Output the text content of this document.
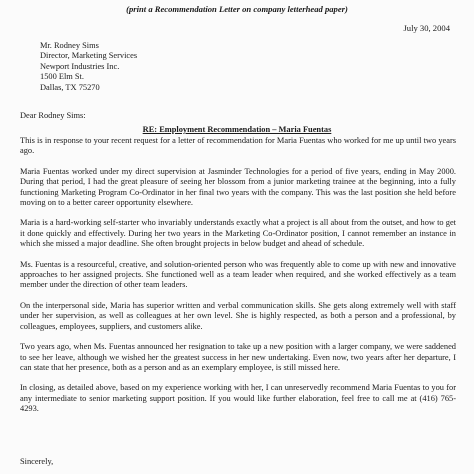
(print a Recommendation Letter on company letterhead paper)

July 30, 2004

Mr. Rodney Sims
Director, Marketing Services
Newport Industries Inc.
1500 Elm St.
Dallas, TX 75270

Dear Rodney Sims:

RE: Employment Recommendation – Maria Fuentas

This is in response to your recent request for a letter of recommendation for Maria Fuentas who worked for me up until two years ago.

Maria Fuentas worked under my direct supervision at Jasminder Technologies for a period of five years, ending in May 2000. During that period, I had the great pleasure of seeing her blossom from a junior marketing trainee at the beginning, into a fully functioning Marketing Program Co-Ordinator in her final two years with the company. This was the last position she held before moving on to a better career opportunity elsewhere.

Maria is a hard-working self-starter who invariably understands exactly what a project is all about from the outset, and how to get it done quickly and effectively. During her two years in the Marketing Co-Ordinator position, I cannot remember an instance in which she missed a major deadline. She often brought projects in below budget and ahead of schedule.

Ms. Fuentas is a resourceful, creative, and solution-oriented person who was frequently able to come up with new and innovative approaches to her assigned projects. She functioned well as a team leader when required, and she worked effectively as a team member under the direction of other team leaders.

On the interpersonal side, Maria has superior written and verbal communication skills. She gets along extremely well with staff under her supervision, as well as colleagues at her own level. She is highly respected, as both a person and a professional, by colleagues, employees, suppliers, and customers alike.

Two years ago, when Ms. Fuentas announced her resignation to take up a new position with a larger company, we were saddened to see her leave, although we wished her the greatest success in her new undertaking. Even now, two years after her departure, I can state that her presence, both as a person and as an exemplary employee, is still missed here.

In closing, as detailed above, based on my experience working with her, I can unreservedly recommend Maria Fuentas to you for any intermediate to senior marketing support position. If you would like further elaboration, feel free to call me at (416) 765-4293.

Sincerely,
